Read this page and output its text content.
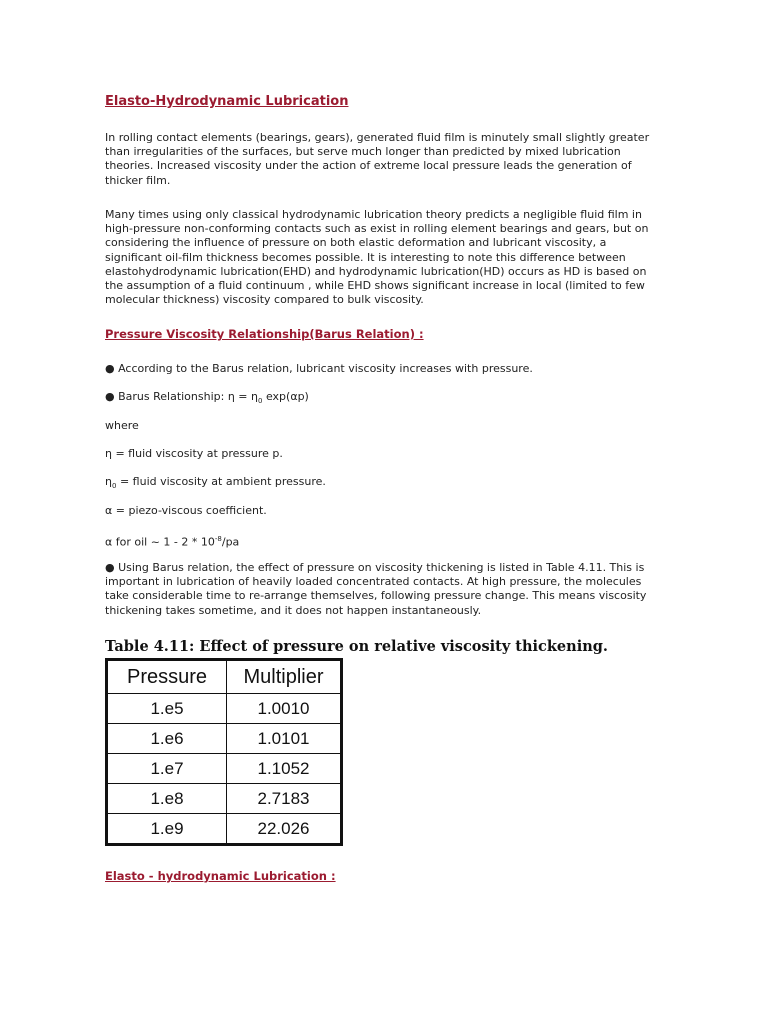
Elasto-Hydrodynamic Lubrication
In rolling contact elements (bearings, gears), generated fluid film is minutely small slightly greater than irregularities of the surfaces, but serve much longer than predicted by mixed lubrication theories. Increased viscosity under the action of extreme local pressure leads the generation of thicker film.
Many times using only classical hydrodynamic lubrication theory predicts a negligible fluid film in high-pressure non-conforming contacts such as exist in rolling element bearings and gears, but on considering the influence of pressure on both elastic deformation and lubricant viscosity, a significant oil-film thickness becomes possible. It is interesting to note this difference between elastohydrodynamic lubrication(EHD) and hydrodynamic lubrication(HD) occurs as HD is based on the assumption of a fluid continuum , while EHD shows significant increase in local (limited to few molecular thickness) viscosity compared to bulk viscosity.
Pressure Viscosity Relationship(Barus Relation) :
● According to the Barus relation, lubricant viscosity increases with pressure.
● Barus Relationship: $\eta = \eta_0$ exp(αp)
where
η = fluid viscosity at pressure p.
$\eta_0$ = fluid viscosity at ambient pressure.
α = piezo-viscous coefficient.
α for oil ~ $1 - 2 * 10^{-8}/pa$
● Using Barus relation, the effect of pressure on viscosity thickening is listed in Table 4.11. This is important in lubrication of heavily loaded concentrated contacts. At high pressure, the molecules take considerable time to re-arrange themselves, following pressure change. This means viscosity thickening takes sometime, and it does not happen instantaneously.
Table 4.11: Effect of pressure on relative viscosity thickening.
Pressure	Multiplier
1.e5	1.0010
1.e6	1.0101
1.e7	1.1052
1.e8	2.7183
1.e9	22.026
Elasto - hydrodynamic Lubrication :
